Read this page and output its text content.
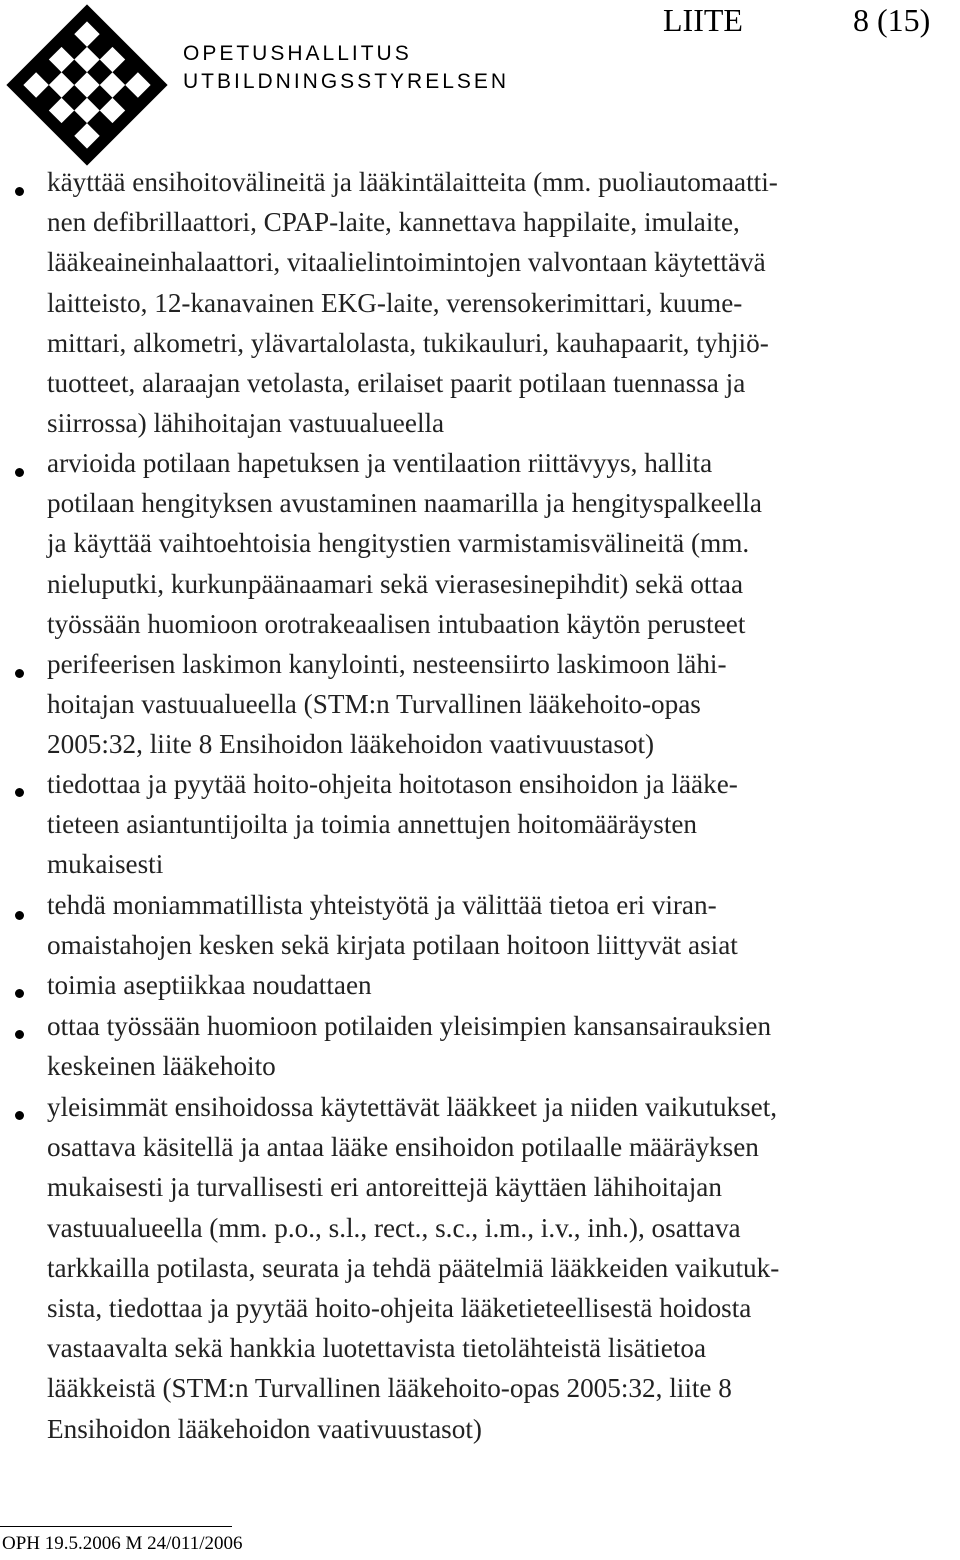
OPETUSHALLITUS
UTBILDNINGSSTYRELSEN
LIITE	8 (15)
käyttää ensihoitovälineitä ja lääkintälaitteita (mm. puoliautomaatti-
nen defibrillaattori, CPAP-laite, kannettava happilaite, imulaite,
lääkeaineinhalaattori, vitaalielintoimintojen valvontaan käytettävä
laitteisto, 12-kanavainen EKG-laite, verensokerimittari, kuume-
mittari, alkometri, ylävartalolasta, tukikauluri, kauhapaarit, tyhjiö-
tuotteet, alaraajan vetolasta, erilaiset paarit potilaan tuennassa ja
siirrossa) lähihoitajan vastuualueella
arvioida potilaan hapetuksen ja ventilaation riittävyys, hallita
potilaan hengityksen avustaminen naamarilla ja hengityspalkeella
ja käyttää vaihtoehtoisia hengitystien varmistamisvälineitä (mm.
nieluputki, kurkunpäänaamari sekä vierasesinepihdit) sekä ottaa
työssään huomioon orotrakeaalisen intubaation käytön perusteet
perifeerisen laskimon kanylointi, nesteensiirto laskimoon lähi-
hoitajan vastuualueella (STM:n Turvallinen lääkehoito-opas
2005:32, liite 8 Ensihoidon lääkehoidon vaativuustasot)
tiedottaa ja pyytää hoito-ohjeita hoitotason ensihoidon ja lääke-
tieteen asiantuntijoilta ja toimia annettujen hoitomääräysten
mukaisesti
tehdä moniammatillista yhteistyötä ja välittää tietoa eri viran-
omaistahojen kesken sekä kirjata potilaan hoitoon liittyvät asiat
toimia aseptiikkaa noudattaen
ottaa työssään huomioon potilaiden yleisimpien kansansairauksien
keskeinen lääkehoito
yleisimmät ensihoidossa käytettävät lääkkeet ja niiden vaikutukset,
osattava käsitellä ja antaa lääke ensihoidon potilaalle määräyksen
mukaisesti ja turvallisesti eri antoreittejä käyttäen lähihoitajan
vastuualueella (mm. p.o., s.l., rect., s.c., i.m., i.v., inh.), osattava
tarkkailla potilasta, seurata ja tehdä päätelmiä lääkkeiden vaikutuk-
sista, tiedottaa ja pyytää hoito-ohjeita lääketieteellisestä hoidosta
vastaavalta sekä hankkia luotettavista tietolähteistä lisätietoa
lääkkeistä (STM:n Turvallinen lääkehoito-opas 2005:32, liite 8
Ensihoidon lääkehoidon vaativuustasot)
OPH 19.5.2006 M 24/011/2006
